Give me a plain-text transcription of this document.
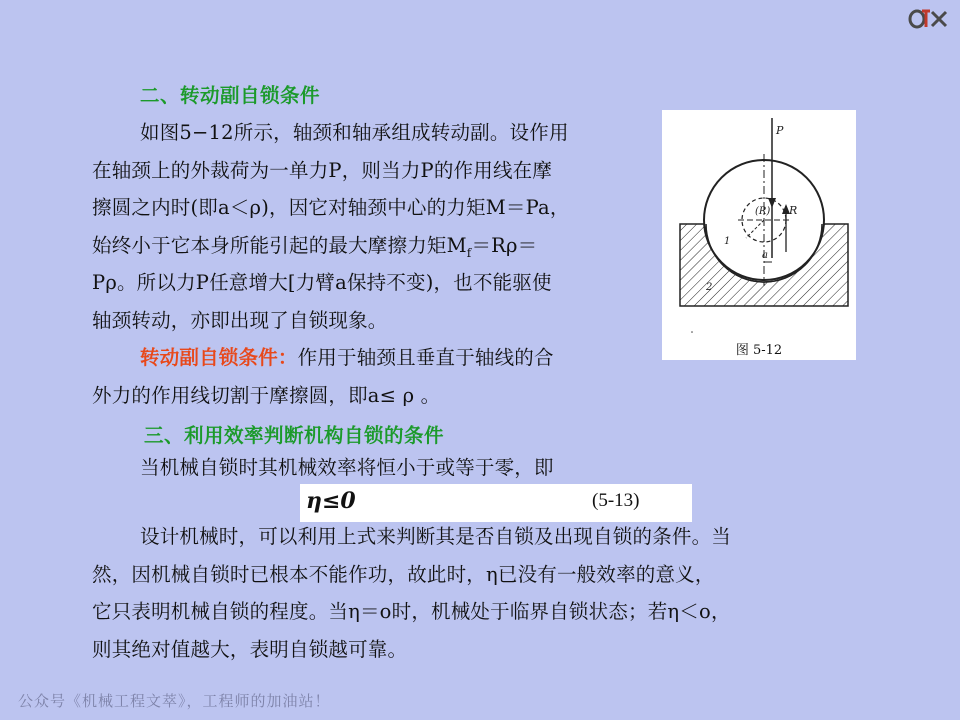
二、转动副自锁条件
如图5−12所示，轴颈和轴承组成转动副。设作用
在轴颈上的外裁荷为一单力P，则当力P的作用线在摩
擦圆之内时(即a＜ρ)，因它对轴颈中心的力矩M＝Pa，
始终小于它本身所能引起的最大摩擦力矩$M_f=R\rho=$
Pρ。所以力P任意增大[力臂a保持不变)，也不能驱使
轴颈转动，亦即出现了自锁现象。
转动副自锁条件：作用于轴颈且垂直于轴线的合
外力的作用线切割于摩擦圆，即a≤ ρ 。
P
R
(R)
a
1
2
图 5-12
三、利用效率判断机构自锁的条件
当机械自锁时其机械效率将恒小于或等于零，即
η≤0	(5-13)
设计机械时，可以利用上式来判断其是否自锁及出现自锁的条件。当
然，因机械自锁时已根本不能作功，故此时，η已没有一般效率的意义，
它只表明机械自锁的程度。当η＝o时，机械处于临界自锁状态；若η＜o，
则其绝对值越大，表明自锁越可靠。
公众号《机械工程文萃》，工程师的加油站！
